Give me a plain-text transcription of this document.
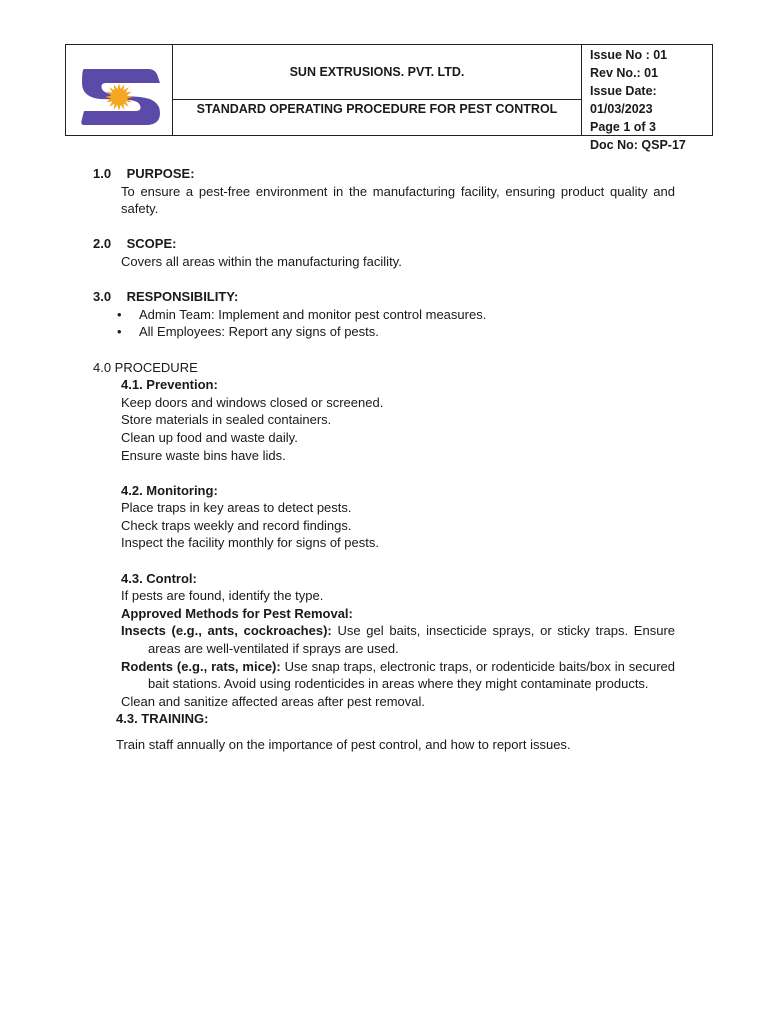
SUN EXTRUSIONS. PVT. LTD.
STANDARD OPERATING PROCEDURE FOR PEST CONTROL
Issue No : 01
Rev No.: 01
Issue Date: 01/03/2023
Page 1 of 3
Doc No: QSP-17
1.0 PURPOSE:
To ensure a pest-free environment in the manufacturing facility, ensuring product quality and safety.
2.0 SCOPE:
Covers all areas within the manufacturing facility.
3.0 RESPONSIBILITY:
• Admin Team: Implement and monitor pest control measures.
• All Employees: Report any signs of pests.
4.0 PROCEDURE
4.1. Prevention:
Keep doors and windows closed or screened.
Store materials in sealed containers.
Clean up food and waste daily.
Ensure waste bins have lids.
4.2. Monitoring:
Place traps in key areas to detect pests.
Check traps weekly and record findings.
Inspect the facility monthly for signs of pests.
4.3. Control:
If pests are found, identify the type.
Approved Methods for Pest Removal:
Insects (e.g., ants, cockroaches): Use gel baits, insecticide sprays, or sticky traps. Ensure areas are well-ventilated if sprays are used.
Rodents (e.g., rats, mice): Use snap traps, electronic traps, or rodenticide baits/box in secured bait stations. Avoid using rodenticides in areas where they might contaminate products.
Clean and sanitize affected areas after pest removal.
4.3. TRAINING:
Train staff annually on the importance of pest control, and how to report issues.
